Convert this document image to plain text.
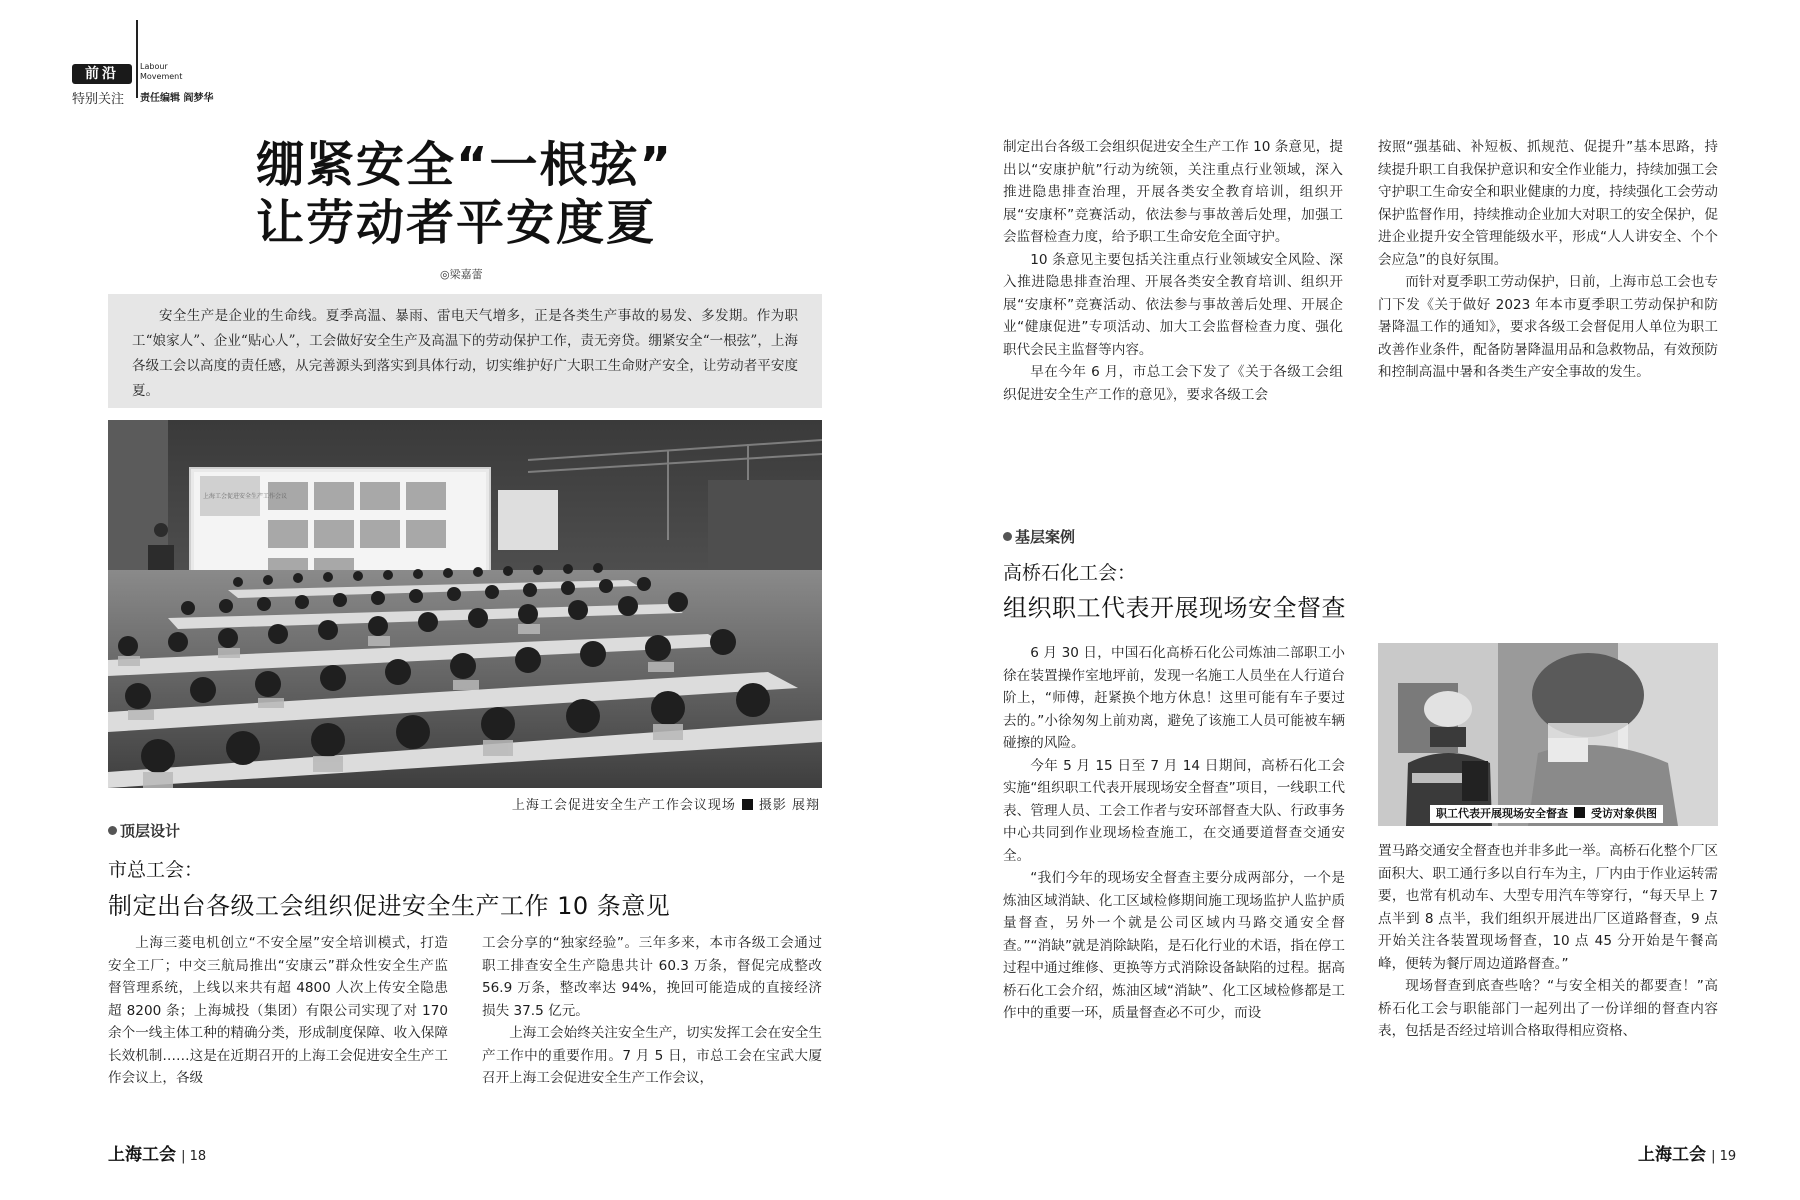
前沿	Labour
Movement
特别关注 责任编辑 阎梦华
绷紧安全“一根弦”
让劳动者平安度夏
◎梁嘉蕾

安全生产是企业的生命线。夏季高温、暴雨、雷电天气增多，正是各类生产事故的易发、多发期。作为职工“娘家人”、企业“贴心人”，工会做好安全生产及高温下的劳动保护工作，责无旁贷。绷紧安全“一根弦”，上海各级工会以高度的责任感，从完善源头到落实到具体行动，切实维护好广大职工生命财产安全，让劳动者平安度夏。

上海工会促进安全生产工作会议
上海工会促进安全生产工作会议现场 摄影 展翔
顶层设计
市总工会：
制定出台各级工会组织促进安全生产工作 10 条意见

上海三菱电机创立“不安全屋”安全培训模式，打造安全工厂；中交三航局推出“安康云”群众性安全生产监督管理系统，上线以来共有超 4800 人次上传安全隐患超 8200 条；上海城投（集团）有限公司实现了对 170 余个一线主体工种的精确分类，形成制度保障、收入保障长效机制……这是在近期召开的上海工会促进安全生产工作会议上，各级

工会分享的“独家经验”。三年多来，本市各级工会通过职工排查安全生产隐患共计 60.3 万条，督促完成整改 56.9 万条，整改率达 94%，挽回可能造成的直接经济损失 37.5 亿元。

上海工会始终关注安全生产，切实发挥工会在安全生产工作中的重要作用。7 月 5 日，市总工会在宝武大厦召开上海工会促进安全生产工作会议，

制定出台各级工会组织促进安全生产工作 10 条意见，提出以“安康护航”行动为统领，关注重点行业领域，深入推进隐患排查治理，开展各类安全教育培训，组织开展“安康杯”竞赛活动，依法参与事故善后处理，加强工会监督检查力度，给予职工生命安危全面守护。

10 条意见主要包括关注重点行业领域安全风险、深入推进隐患排查治理、开展各类安全教育培训、组织开展“安康杯”竞赛活动、依法参与事故善后处理、开展企业“健康促进”专项活动、加大工会监督检查力度、强化职代会民主监督等内容。

早在今年 6 月，市总工会下发了《关于各级工会组织促进安全生产工作的意见》，要求各级工会

按照“强基础、补短板、抓规范、促提升”基本思路，持续提升职工自我保护意识和安全作业能力，持续加强工会守护职工生命安全和职业健康的力度，持续强化工会劳动保护监督作用，持续推动企业加大对职工的安全保护，促进企业提升安全管理能级水平，形成“人人讲安全、个个会应急”的良好氛围。

而针对夏季职工劳动保护，日前，上海市总工会也专门下发《关于做好 2023 年本市夏季职工劳动保护和防暑降温工作的通知》，要求各级工会督促用人单位为职工改善作业条件，配备防暑降温用品和急救物品，有效预防和控制高温中暑和各类生产安全事故的发生。

基层案例
高桥石化工会：
组织职工代表开展现场安全督查

6 月 30 日，中国石化高桥石化公司炼油二部职工小徐在装置操作室地坪前，发现一名施工人员坐在人行道台阶上，“师傅，赶紧换个地方休息！这里可能有车子要过去的。”小徐匆匆上前劝离，避免了该施工人员可能被车辆碰擦的风险。

今年 5 月 15 日至 7 月 14 日期间，高桥石化工会实施“组织职工代表开展现场安全督查”项目，一线职工代表、管理人员、工会工作者与安环部督查大队、行政事务中心共同到作业现场检查施工，在交通要道督查交通安全。

“我们今年的现场安全督查主要分成两部分，一个是炼油区域消缺、化工区域检修期间施工现场监护人监护质量督查，另外一个就是公司区域内马路交通安全督查。”“消缺”就是消除缺陷，是石化行业的术语，指在停工过程中通过维修、更换等方式消除设备缺陷的过程。据高桥石化工会介绍，炼油区域“消缺”、化工区域检修都是工作中的重要一环，质量督查必不可少，而设

职工代表开展现场安全督查 受访对象供图

置马路交通安全督查也并非多此一举。高桥石化整个厂区面积大、职工通行多以自行车为主，厂内由于作业运转需要，也常有机动车、大型专用汽车等穿行，“每天早上 7 点半到 8 点半，我们组织开展进出厂区道路督查，9 点开始关注各装置现场督查，10 点 45 分开始是午餐高峰，便转为餐厅周边道路督查。”

现场督查到底查些啥？“与安全相关的都要查！”高桥石化工会与职能部门一起列出了一份详细的督查内容表，包括是否经过培训合格取得相应资格、

上海工会 | 18	上海工会 | 19
